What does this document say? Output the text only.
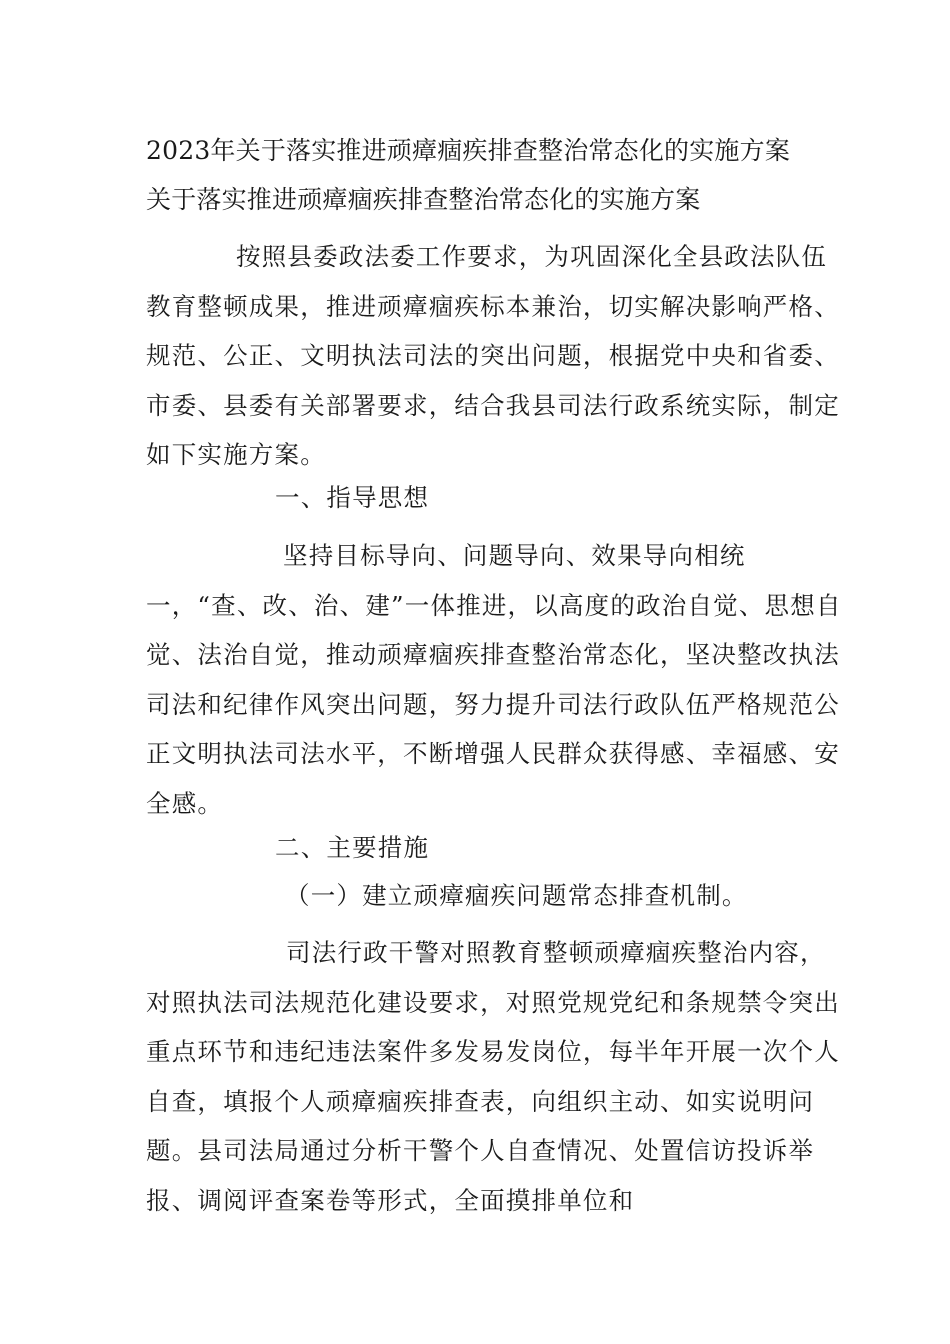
2023年关于落实推进顽瘴痼疾排查整治常态化的实施方案
关于落实推进顽瘴痼疾排查整治常态化的实施方案

按照县委政法委工作要求，为巩固深化全县政法队伍教育整顿成果，推进顽瘴痼疾标本兼治，切实解决影响严格、规范、公正、文明执法司法的突出问题，根据党中央和省委、市委、县委有关部署要求，结合我县司法行政系统实际，制定如下实施方案。

一、指导思想

坚持目标导向、问题导向、效果导向相统一，“查、改、治、建”一体推进，以高度的政治自觉、思想自觉、法治自觉，推动顽瘴痼疾排查整治常态化，坚决整改执法司法和纪律作风突出问题，努力提升司法行政队伍严格规范公正文明执法司法水平，不断增强人民群众获得感、幸福感、安全感。

二、主要措施
（一）建立顽瘴痼疾问题常态排查机制。

司法行政干警对照教育整顿顽瘴痼疾整治内容，对照执法司法规范化建设要求，对照党规党纪和条规禁令突出重点环节和违纪违法案件多发易发岗位，每半年开展一次个人自查，填报个人顽瘴痼疾排查表，向组织主动、如实说明问题。县司法局通过分析干警个人自查情况、处置信访投诉举报、调阅评查案卷等形式，全面摸排单位和
